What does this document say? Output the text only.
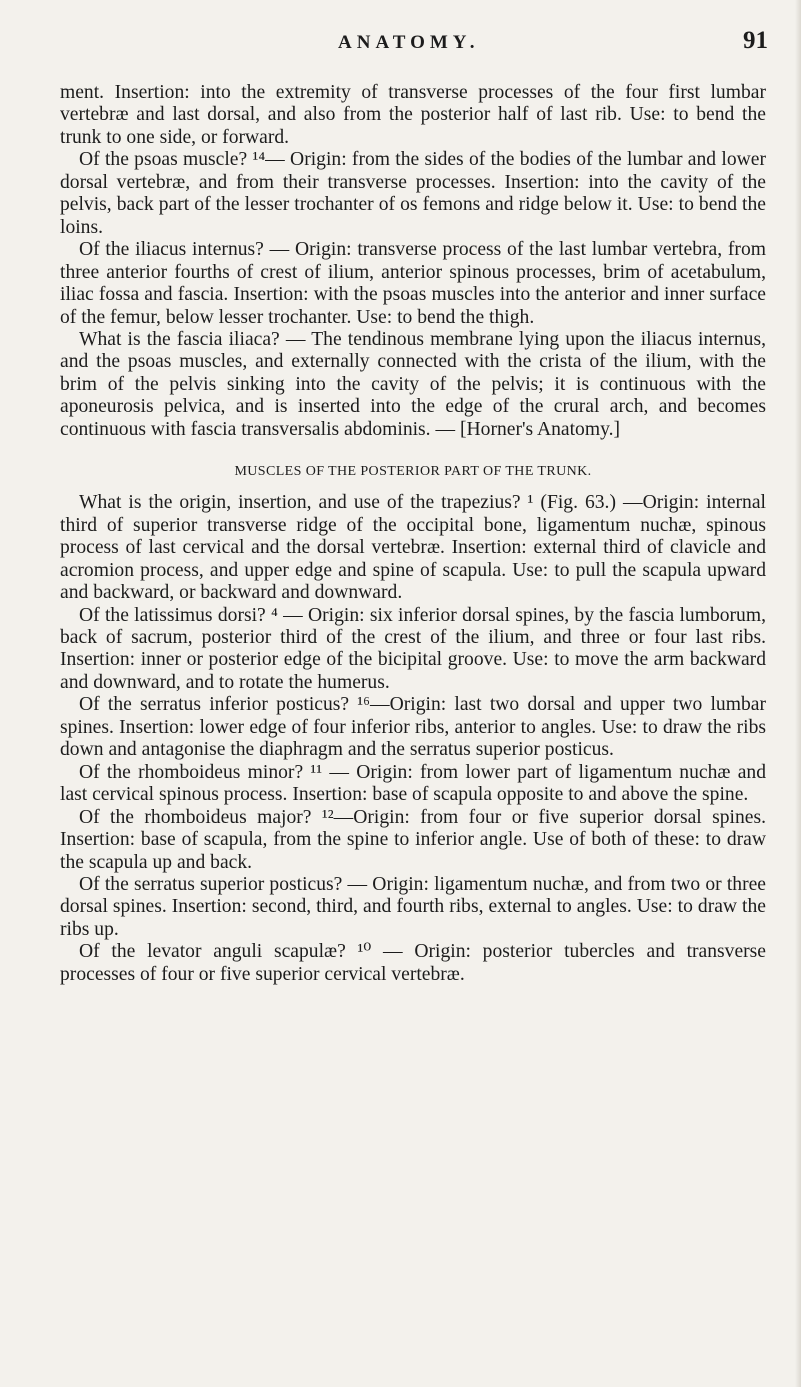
ANATOMY.	91

ment. Insertion: into the extremity of transverse processes of the four first lumbar vertebræ and last dorsal, and also from the posterior half of last rib. Use: to bend the trunk to one side, or forward.

Of the psoas muscle? ¹⁴— Origin: from the sides of the bodies of the lumbar and lower dorsal vertebræ, and from their transverse processes. Insertion: into the cavity of the pelvis, back part of the lesser trochanter of os femons and ridge below it. Use: to bend the loins.

Of the iliacus internus? — Origin: transverse process of the last lumbar vertebra, from three anterior fourths of crest of ilium, anterior spinous processes, brim of acetabulum, iliac fossa and fascia. Insertion: with the psoas muscles into the anterior and inner surface of the femur, below lesser trochanter. Use: to bend the thigh.

What is the fascia iliaca? — The tendinous membrane lying upon the iliacus internus, and the psoas muscles, and externally connected with the crista of the ilium, with the brim of the pelvis sinking into the cavity of the pelvis; it is continuous with the aponeurosis pelvica, and is inserted into the edge of the crural arch, and becomes continuous with fascia transversalis abdominis. — [Horner's Anatomy.]

MUSCLES OF THE POSTERIOR PART OF THE TRUNK.

What is the origin, insertion, and use of the trapezius? ¹ (Fig. 63.) —Origin: internal third of superior transverse ridge of the occipital bone, ligamentum nuchæ, spinous process of last cervical and the dorsal vertebræ. Insertion: external third of clavicle and acromion process, and upper edge and spine of scapula. Use: to pull the scapula upward and backward, or backward and downward.

Of the latissimus dorsi? ⁴ — Origin: six inferior dorsal spines, by the fascia lumborum, back of sacrum, posterior third of the crest of the ilium, and three or four last ribs. Insertion: inner or posterior edge of the bicipital groove. Use: to move the arm backward and downward, and to rotate the humerus.

Of the serratus inferior posticus? ¹⁶—Origin: last two dorsal and upper two lumbar spines. Insertion: lower edge of four inferior ribs, anterior to angles. Use: to draw the ribs down and antagonise the diaphragm and the serratus superior posticus.

Of the rhomboideus minor? ¹¹ — Origin: from lower part of ligamentum nuchæ and last cervical spinous process. Insertion: base of scapula opposite to and above the spine.

Of the rhomboideus major? ¹²—Origin: from four or five superior dorsal spines. Insertion: base of scapula, from the spine to inferior angle. Use of both of these: to draw the scapula up and back.

Of the serratus superior posticus? — Origin: ligamentum nuchæ, and from two or three dorsal spines. Insertion: second, third, and fourth ribs, external to angles. Use: to draw the ribs up.

Of the levator anguli scapulæ? ¹⁰ — Origin: posterior tubercles and transverse processes of four or five superior cervical vertebræ.
